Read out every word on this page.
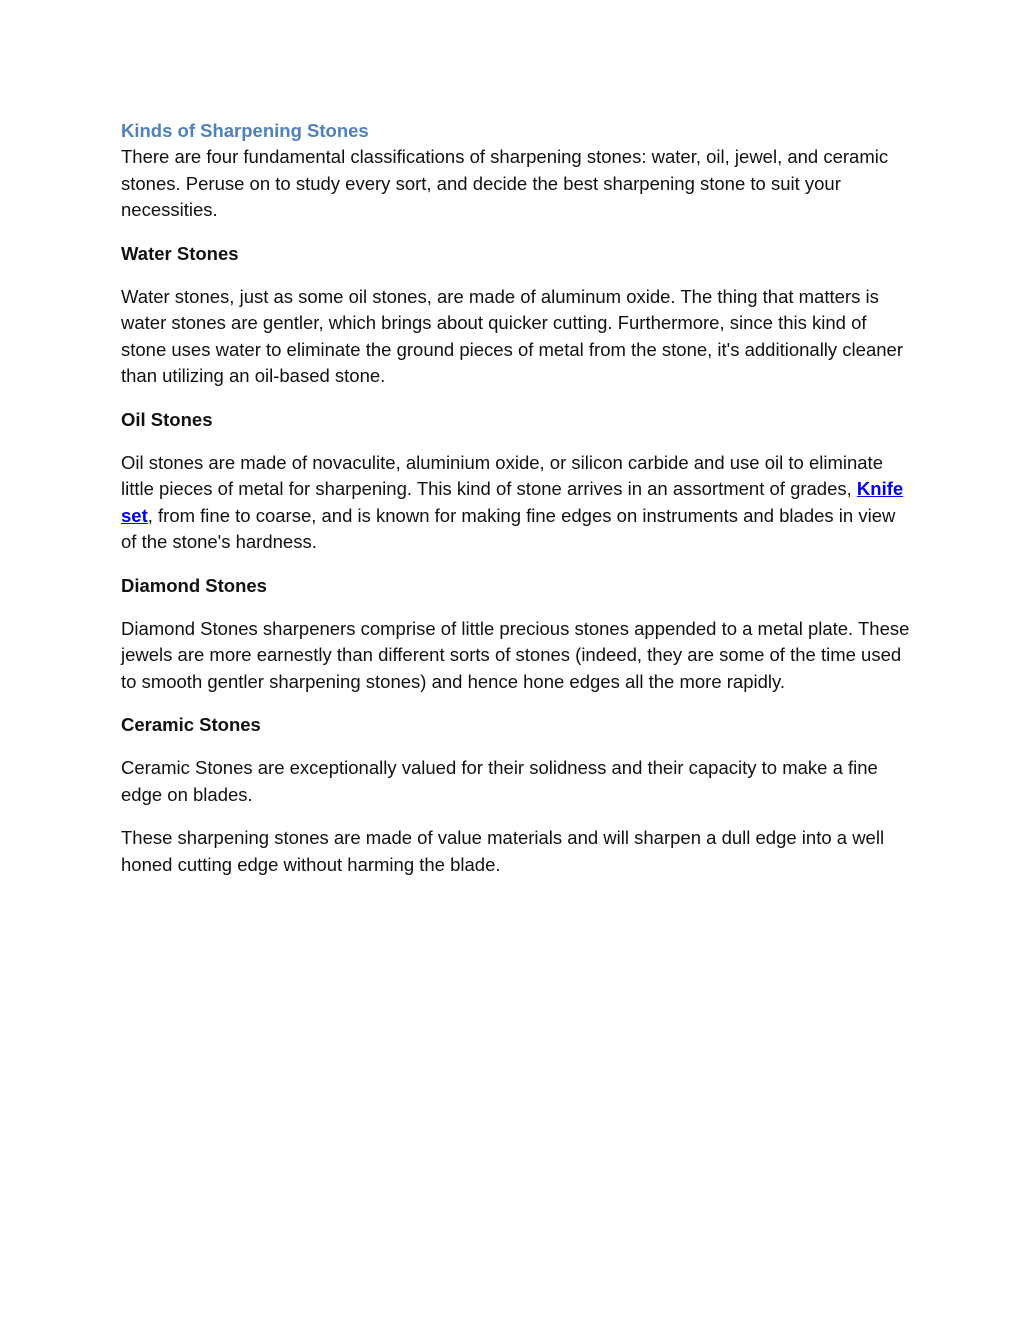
Kinds of Sharpening Stones

There are four fundamental classifications of sharpening stones: water, oil, jewel, and ceramic stones. Peruse on to study every sort, and decide the best sharpening stone to suit your necessities.

Water Stones

Water stones, just as some oil stones, are made of aluminum oxide. The thing that matters is water stones are gentler, which brings about quicker cutting. Furthermore, since this kind of stone uses water to eliminate the ground pieces of metal from the stone, it's additionally cleaner than utilizing an oil-based stone.

Oil Stones

Oil stones are made of novaculite, aluminium oxide, or silicon carbide and use oil to eliminate little pieces of metal for sharpening. This kind of stone arrives in an assortment of grades, Knife set, from fine to coarse, and is known for making fine edges on instruments and blades in view of the stone's hardness.

Diamond Stones

Diamond Stones sharpeners comprise of little precious stones appended to a metal plate. These jewels are more earnestly than different sorts of stones (indeed, they are some of the time used to smooth gentler sharpening stones) and hence hone edges all the more rapidly.

Ceramic Stones

Ceramic Stones are exceptionally valued for their solidness and their capacity to make a fine edge on blades.

These sharpening stones are made of value materials and will sharpen a dull edge into a well honed cutting edge without harming the blade.
